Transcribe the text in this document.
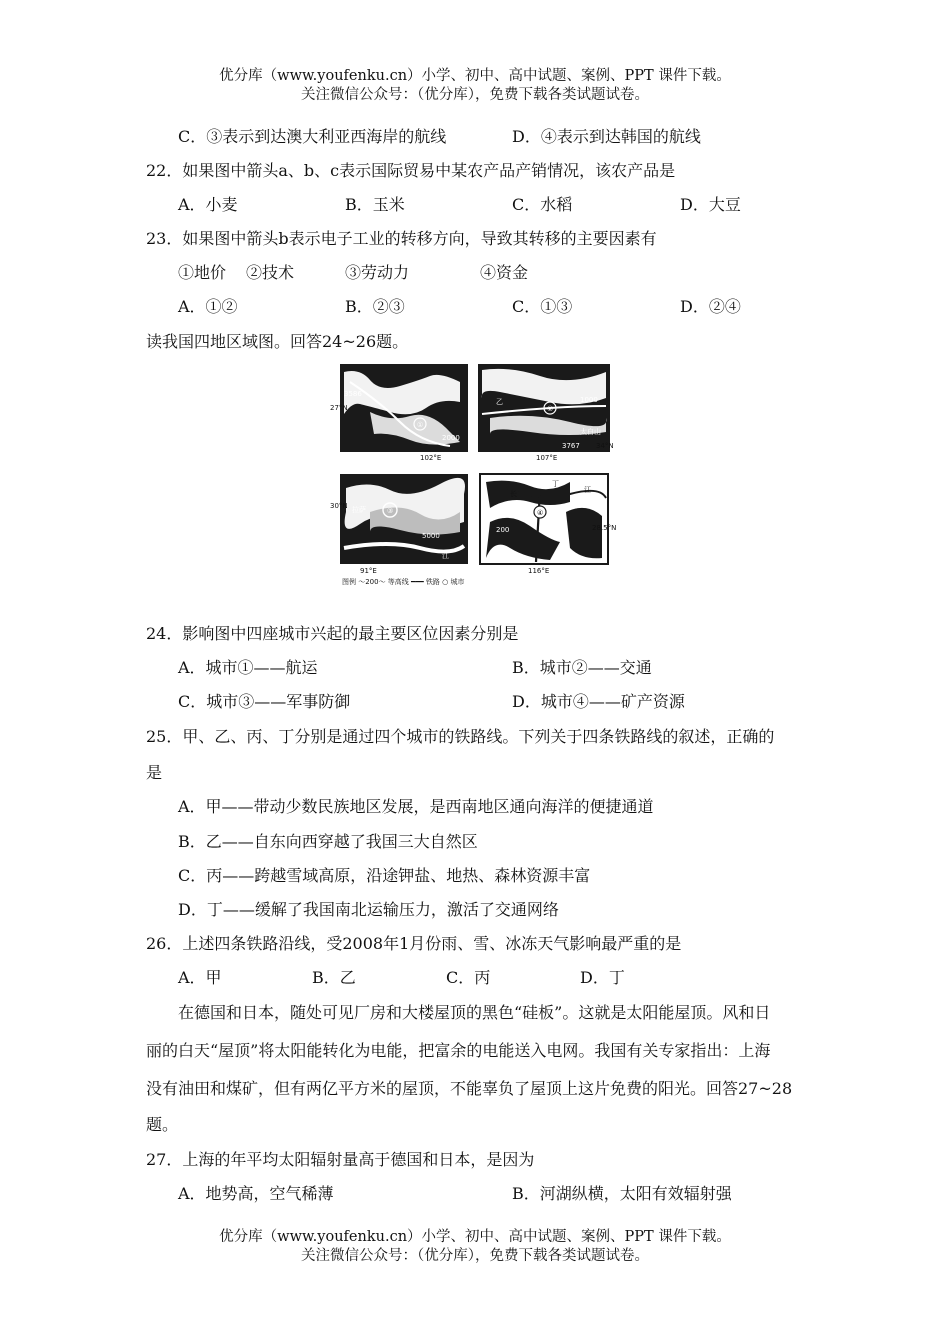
优分库（www.youfenku.cn）小学、初中、高中试题、案例、PPT 课件下载。
关注微信公众号：（优分库），免费下载各类试题试卷。
C．③表示到达澳大利亚西海岸的航线	D．④表示到达韩国的航线
22．如果图中箭头a、b、c表示国际贸易中某农产品产销情况，该农产品是
A．小麦	B．玉米	C．水稻	D．大豆
23．如果图中箭头b表示电子工业的转移方向，导致其转移的主要因素有
①地价 ②技术	③劳动力	④资金
A．①②	B．②③	C．①③	D．②④
读我国四地区域图。回答24~26题。
①
3586
2000
27°N
102°E
②
1000
3767
太白山
乙
107°E
34°N
③
拉萨
5000
江
30°N
91°E
④
200
长
丁
江
28.5°N
116°E
图例 ～200～ 等高线 ━━━ 铁路 ○ 城市
24．影响图中四座城市兴起的最主要区位因素分别是
A．城市①——航运	B．城市②——交通
C．城市③——军事防御	D．城市④——矿产资源
25．甲、乙、丙、丁分别是通过四个城市的铁路线。下列关于四条铁路线的叙述，正确的
是
A．甲——带动少数民族地区发展，是西南地区通向海洋的便捷通道
B．乙——自东向西穿越了我国三大自然区
C．丙——跨越雪域高原，沿途钾盐、地热、森林资源丰富
D．丁——缓解了我国南北运输压力，激活了交通网络
26．上述四条铁路沿线，受2008年1月份雨、雪、冰冻天气影响最严重的是
A．甲	B．乙	C．丙	D．丁
在德国和日本，随处可见厂房和大楼屋顶的黑色“硅板”。这就是太阳能屋顶。风和日
丽的白天“屋顶”将太阳能转化为电能，把富余的电能送入电网。我国有关专家指出：上海
没有油田和煤矿，但有两亿平方米的屋顶，不能辜负了屋顶上这片免费的阳光。回答27~28
题。
27．上海的年平均太阳辐射量高于德国和日本，是因为
A．地势高，空气稀薄	B．河湖纵横，太阳有效辐射强
优分库（www.youfenku.cn）小学、初中、高中试题、案例、PPT 课件下载。
关注微信公众号：（优分库），免费下载各类试题试卷。
